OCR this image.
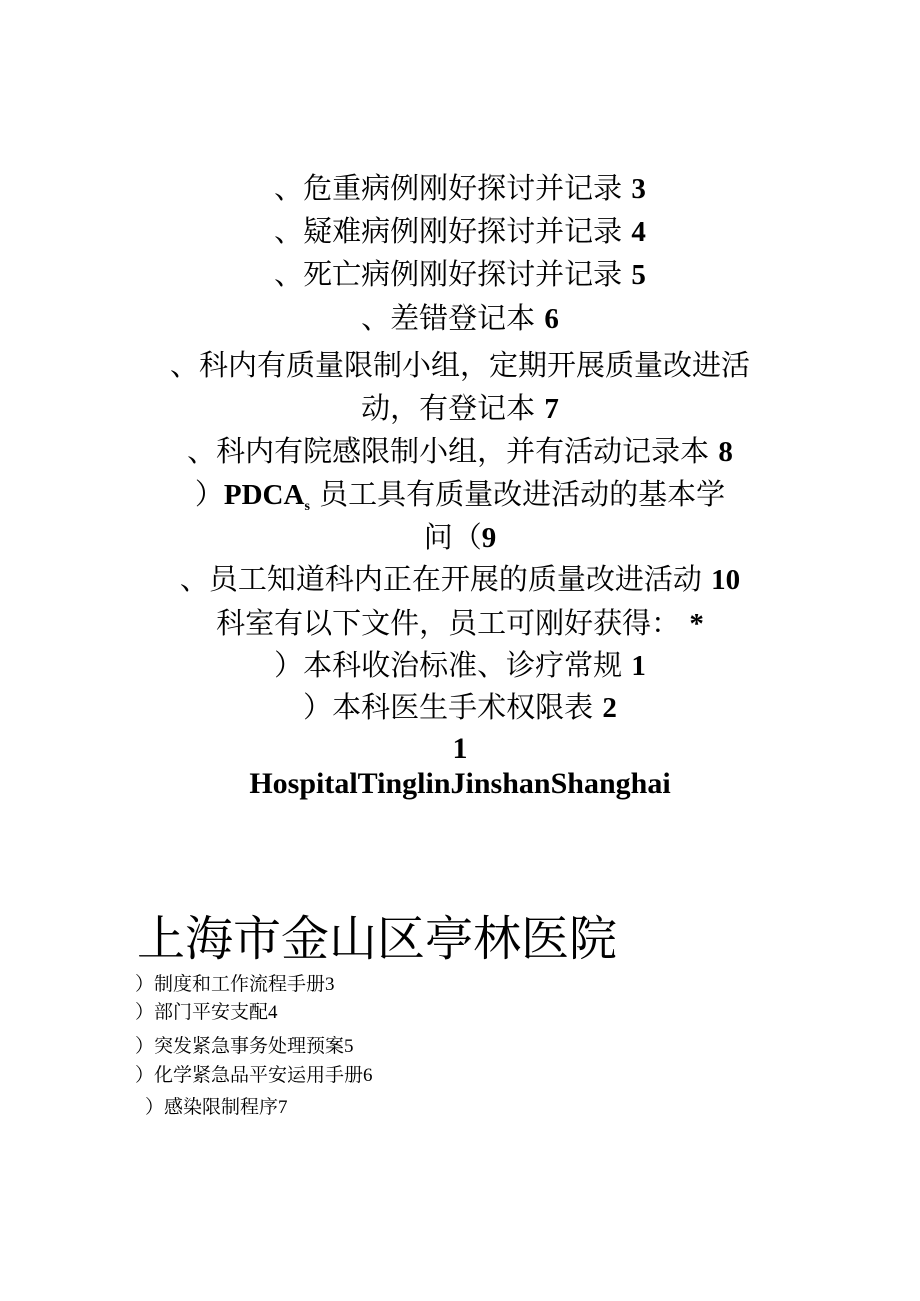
、危重病例刚好探讨并记录 3
、疑难病例刚好探讨并记录 4
、死亡病例刚好探讨并记录 5
、差错登记本 6
、科内有质量限制小组，定期开展质量改进活
动，有登记本 7
、科内有院感限制小组，并有活动记录本 8
）$PDCA_s$ 员工具有质量改进活动的基本学
问（9
、员工知道科内正在开展的质量改进活动 10
科室有以下文件，员工可刚好获得： *
）本科收治标准、诊疗常规 1
）本科医生手术权限表 2
1
HospitalTinglinJinshanShanghai
上海市金山区亭林医院
）制度和工作流程手册3
）部门平安支配4
）突发紧急事务处理预案5
）化学紧急品平安运用手册6
）感染限制程序7
